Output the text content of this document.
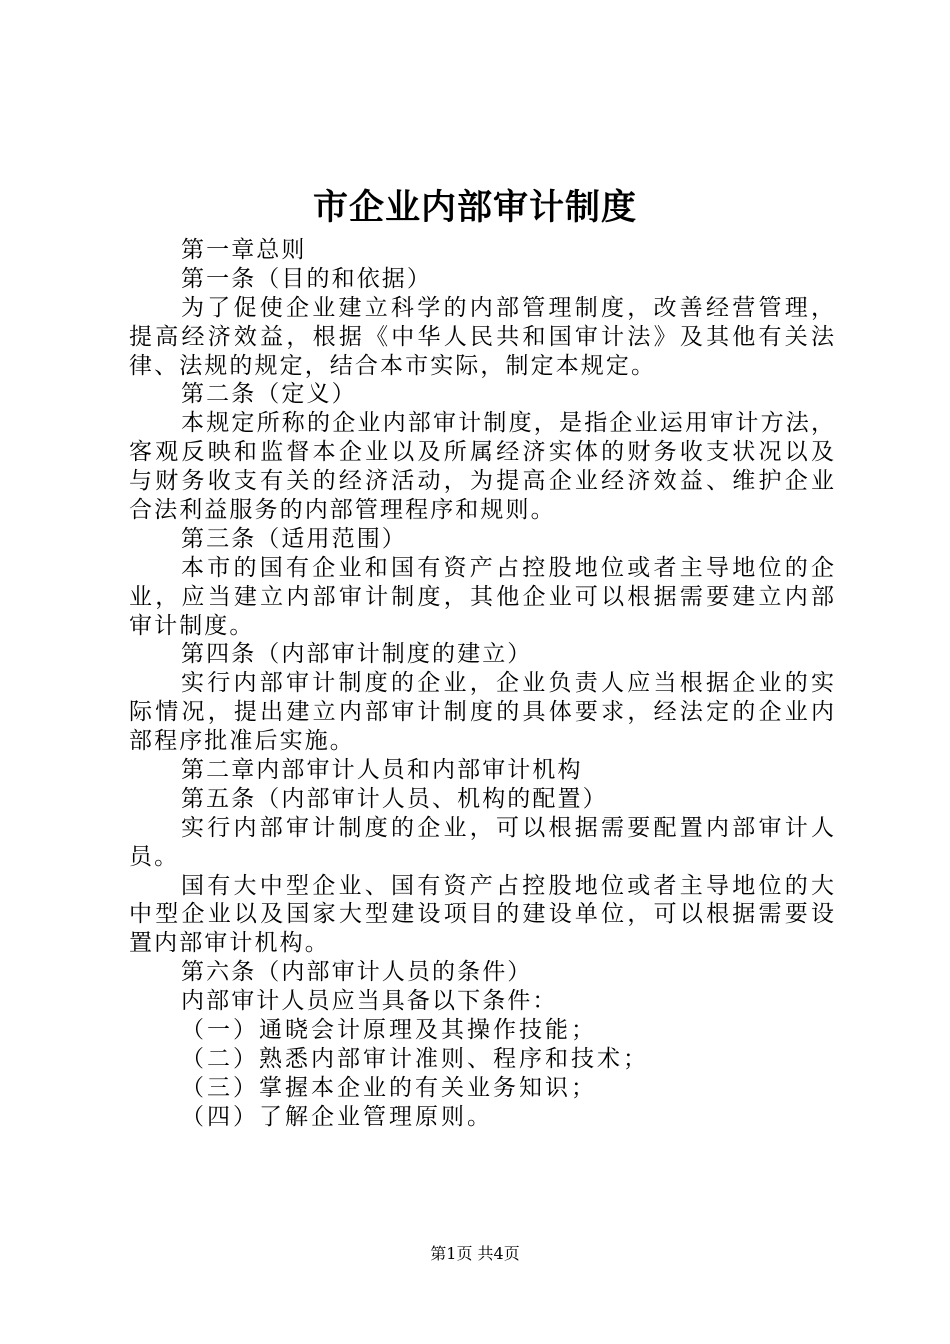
市企业内部审计制度
第一章总则
第一条（目的和依据）
为了促使企业建立科学的内部管理制度，改善经营管理，
提高经济效益，根据《中华人民共和国审计法》及其他有关法
律、法规的规定，结合本市实际，制定本规定。
第二条（定义）
本规定所称的企业内部审计制度，是指企业运用审计方法，
客观反映和监督本企业以及所属经济实体的财务收支状况以及
与财务收支有关的经济活动，为提高企业经济效益、维护企业
合法利益服务的内部管理程序和规则。
第三条（适用范围）
本市的国有企业和国有资产占控股地位或者主导地位的企
业，应当建立内部审计制度，其他企业可以根据需要建立内部
审计制度。
第四条（内部审计制度的建立）
实行内部审计制度的企业，企业负责人应当根据企业的实
际情况，提出建立内部审计制度的具体要求，经法定的企业内
部程序批准后实施。
第二章内部审计人员和内部审计机构
第五条（内部审计人员、机构的配置）
实行内部审计制度的企业，可以根据需要配置内部审计人
员。
国有大中型企业、国有资产占控股地位或者主导地位的大
中型企业以及国家大型建设项目的建设单位，可以根据需要设
置内部审计机构。
第六条（内部审计人员的条件）
内部审计人员应当具备以下条件：
（一）通晓会计原理及其操作技能；
（二）熟悉内部审计准则、程序和技术；
（三）掌握本企业的有关业务知识；
（四）了解企业管理原则。
第1页 共4页
